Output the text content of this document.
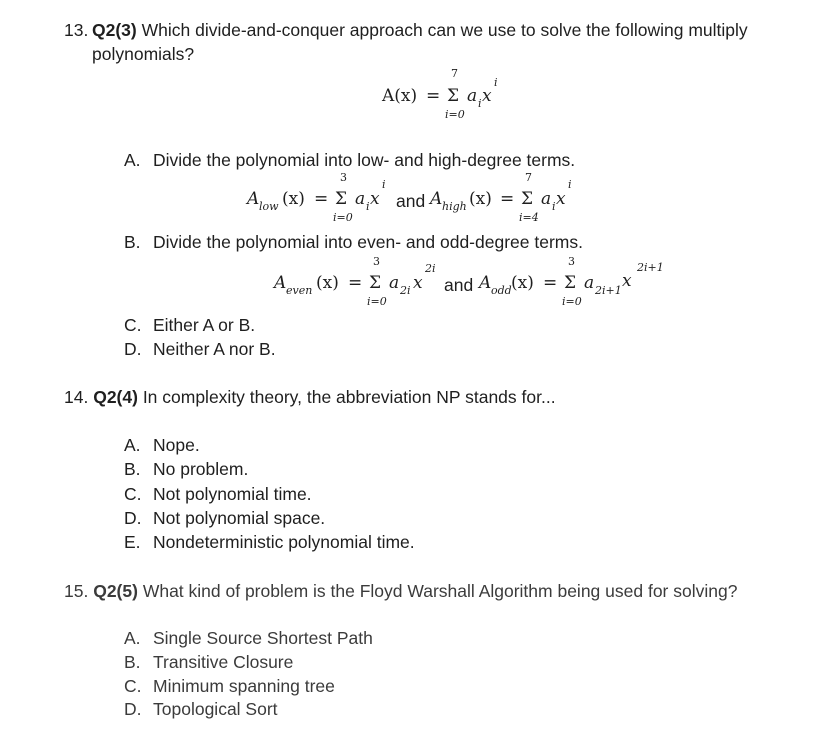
13. Q2(3) Which divide-and-conquer approach can we use to solve the following multiply
polynomials?
A(x) = Σ
7
i=0
a i x
i
A. Divide the polynomial into low- and high-degree terms.
A low (x) = Σ
3
i=0
a i x
i
and A high (x) = Σ
7
i=4
a i x
i
B. Divide the polynomial into even- and odd-degree terms.
A even (x) = Σ
3
i=0
a 2i x
2i
and A odd (x) = Σ
3
i=0
a 2i+1 x
2i+1
C. Either A or B.
D. Neither A nor B.
14. Q2(4) In complexity theory, the abbreviation NP stands for...
A. Nope.
B. No problem.
C. Not polynomial time.
D. Not polynomial space.
E. Nondeterministic polynomial time.
15. Q2(5) What kind of problem is the Floyd Warshall Algorithm being used for solving?
A. Single Source Shortest Path
B. Transitive Closure
C. Minimum spanning tree
D. Topological Sort
